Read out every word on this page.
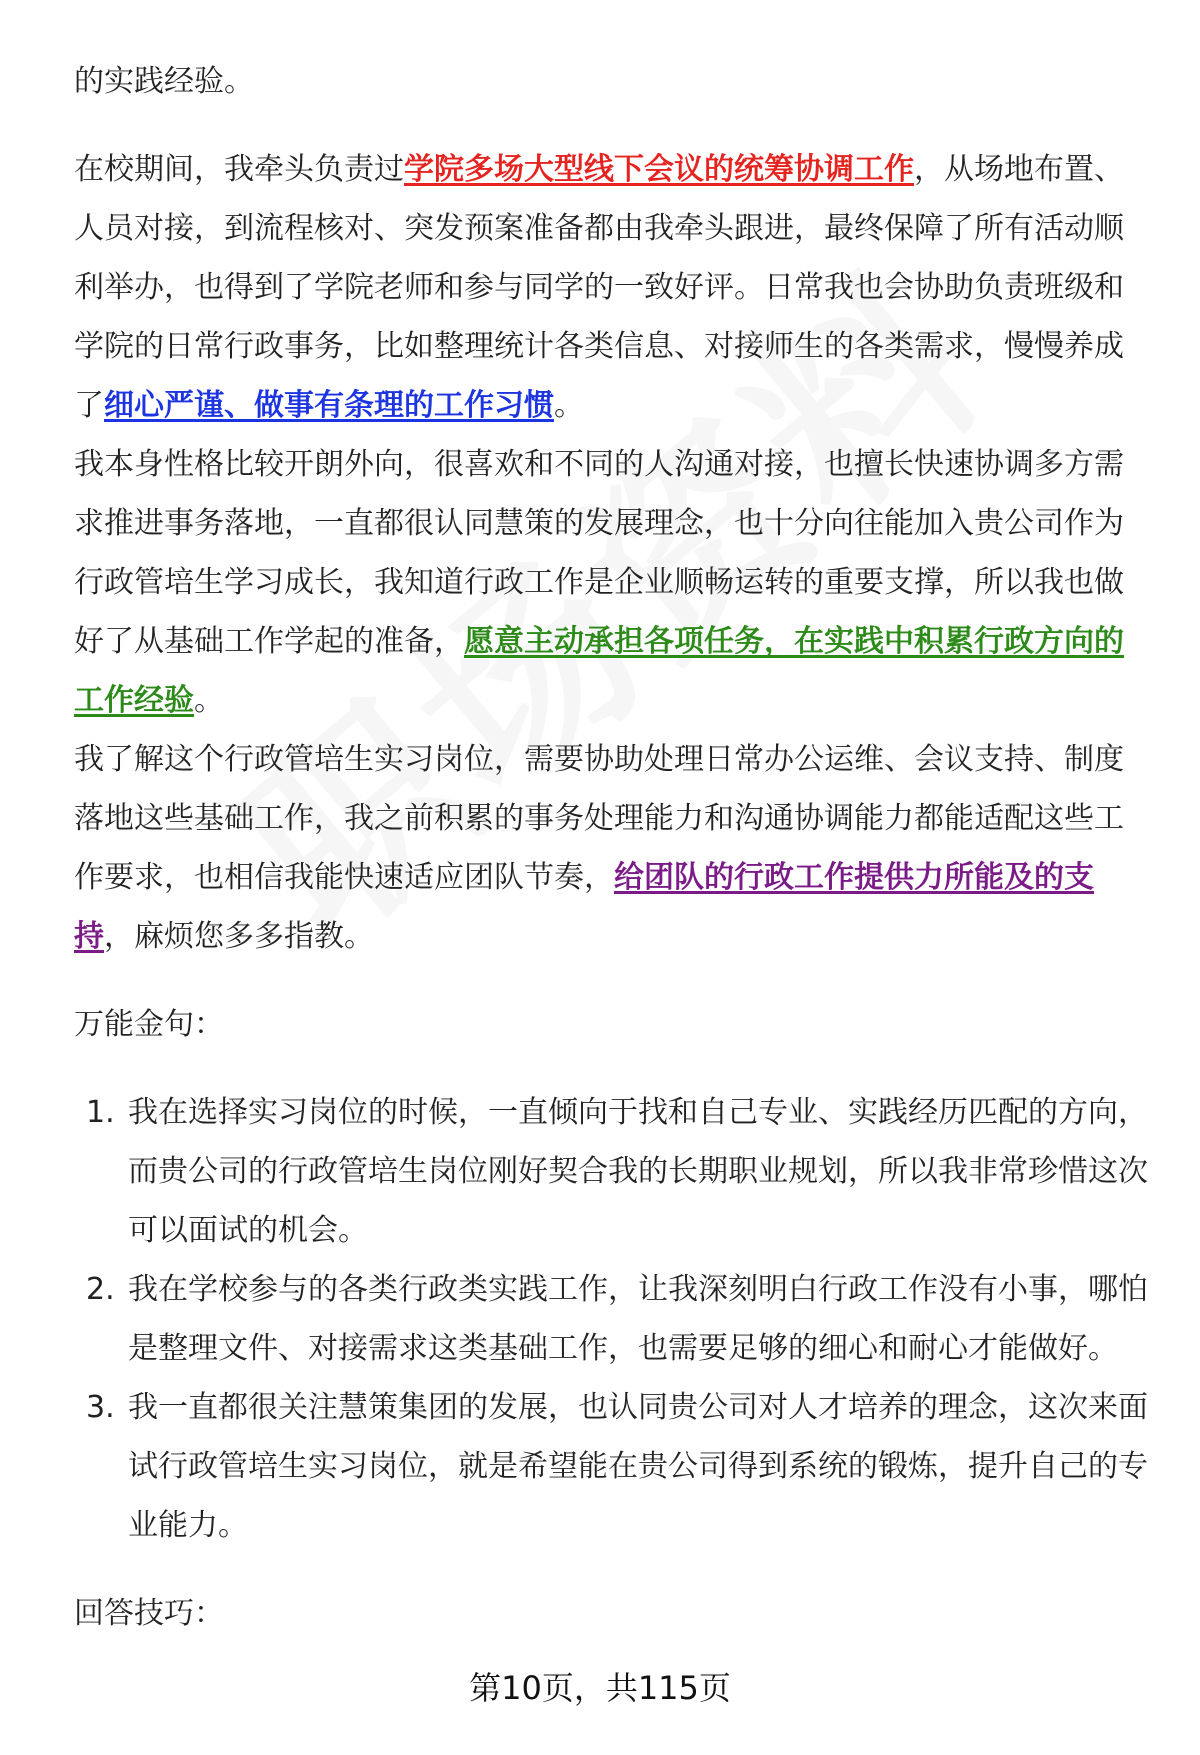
的实践经验。

在校期间，我牵头负责过学院多场大型线下会议的统筹协调工作，从场地布置、人员对接，到流程核对、突发预案准备都由我牵头跟进，最终保障了所有活动顺利举办，也得到了学院老师和参与同学的一致好评。日常我也会协助负责班级和学院的日常行政事务，比如整理统计各类信息、对接师生的各类需求，慢慢养成了细心严谨、做事有条理的工作习惯。

我本身性格比较开朗外向，很喜欢和不同的人沟通对接，也擅长快速协调多方需求推进事务落地，一直都很认同慧策的发展理念，也十分向往能加入贵公司作为行政管培生学习成长，我知道行政工作是企业顺畅运转的重要支撑，所以我也做好了从基础工作学起的准备，愿意主动承担各项任务，在实践中积累行政方向的工作经验。

我了解这个行政管培生实习岗位，需要协助处理日常办公运维、会议支持、制度落地这些基础工作，我之前积累的事务处理能力和沟通协调能力都能适配这些工作要求，也相信我能快速适应团队节奏，给团队的行政工作提供力所能及的支持，麻烦您多多指教。

万能金句：

1. 我在选择实习岗位的时候，一直倾向于找和自己专业、实践经历匹配的方向，而贵公司的行政管培生岗位刚好契合我的长期职业规划，所以我非常珍惜这次可以面试的机会。
2. 我在学校参与的各类行政类实践工作，让我深刻明白行政工作没有小事，哪怕是整理文件、对接需求这类基础工作，也需要足够的细心和耐心才能做好。
3. 我一直都很关注慧策集团的发展，也认同贵公司对人才培养的理念，这次来面试行政管培生实习岗位，就是希望能在贵公司得到系统的锻炼，提升自己的专业能力。

回答技巧：

第10页，共115页
